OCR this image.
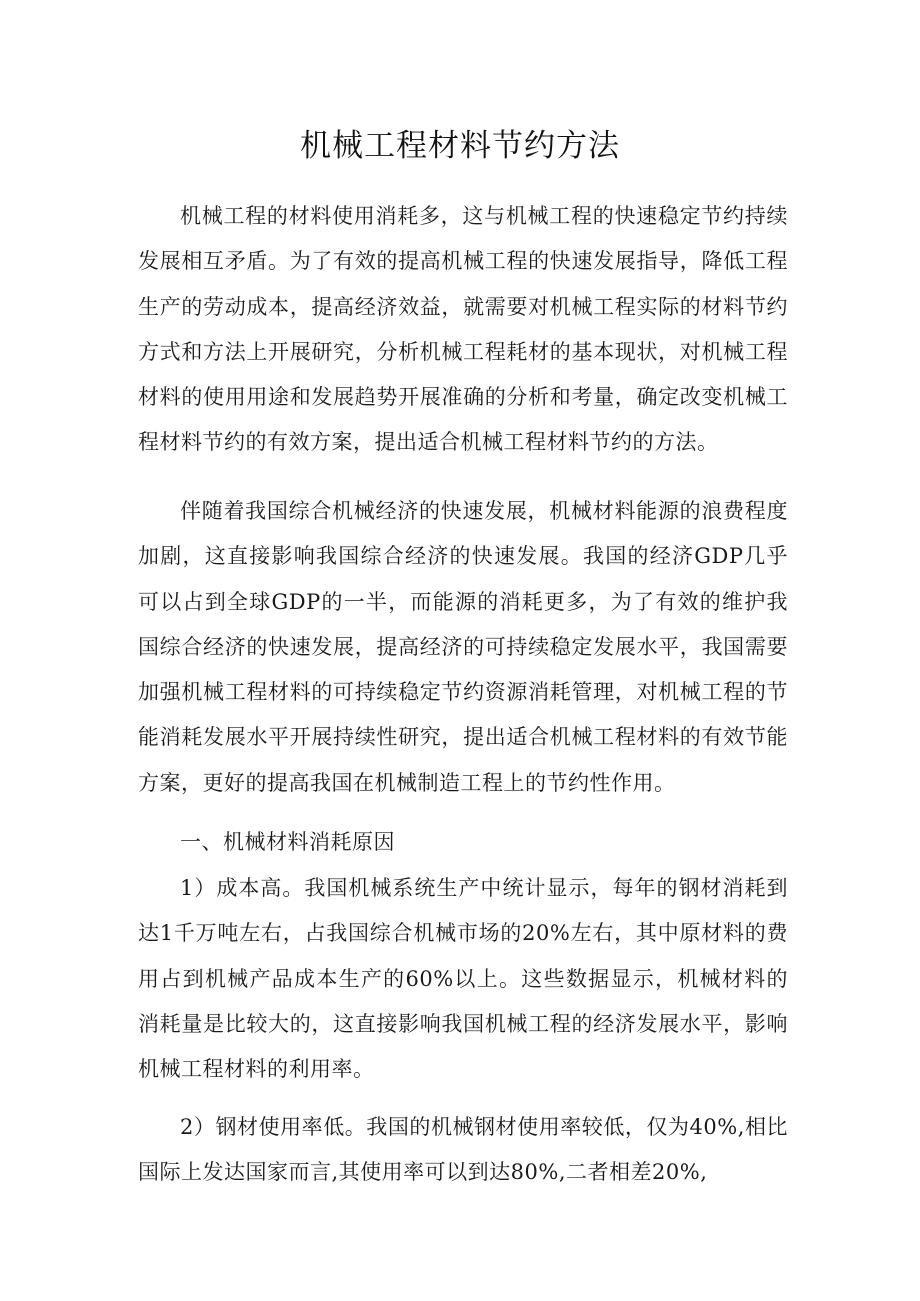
机械工程材料节约方法

机械工程的材料使用消耗多，这与机械工程的快速稳定节约持续发展相互矛盾。为了有效的提高机械工程的快速发展指导，降低工程生产的劳动成本，提高经济效益，就需要对机械工程实际的材料节约方式和方法上开展研究，分析机械工程耗材的基本现状，对机械工程材料的使用用途和发展趋势开展准确的分析和考量，确定改变机械工程材料节约的有效方案，提出适合机械工程材料节约的方法。

伴随着我国综合机械经济的快速发展，机械材料能源的浪费程度加剧，这直接影响我国综合经济的快速发展。我国的经济GDP几乎可以占到全球GDP的一半，而能源的消耗更多，为了有效的维护我国综合经济的快速发展，提高经济的可持续稳定发展水平，我国需要加强机械工程材料的可持续稳定节约资源消耗管理，对机械工程的节能消耗发展水平开展持续性研究，提出适合机械工程材料的有效节能方案，更好的提高我国在机械制造工程上的节约性作用。

一、机械材料消耗原因

1）成本高。我国机械系统生产中统计显示，每年的钢材消耗到达1千万吨左右，占我国综合机械市场的20%左右，其中原材料的费用占到机械产品成本生产的60%以上。这些数据显示，机械材料的消耗量是比较大的，这直接影响我国机械工程的经济发展水平，影响机械工程材料的利用率。

2）钢材使用率低。我国的机械钢材使用率较低，仅为40%,相比国际上发达国家而言,其使用率可以到达80%,二者相差20%,
